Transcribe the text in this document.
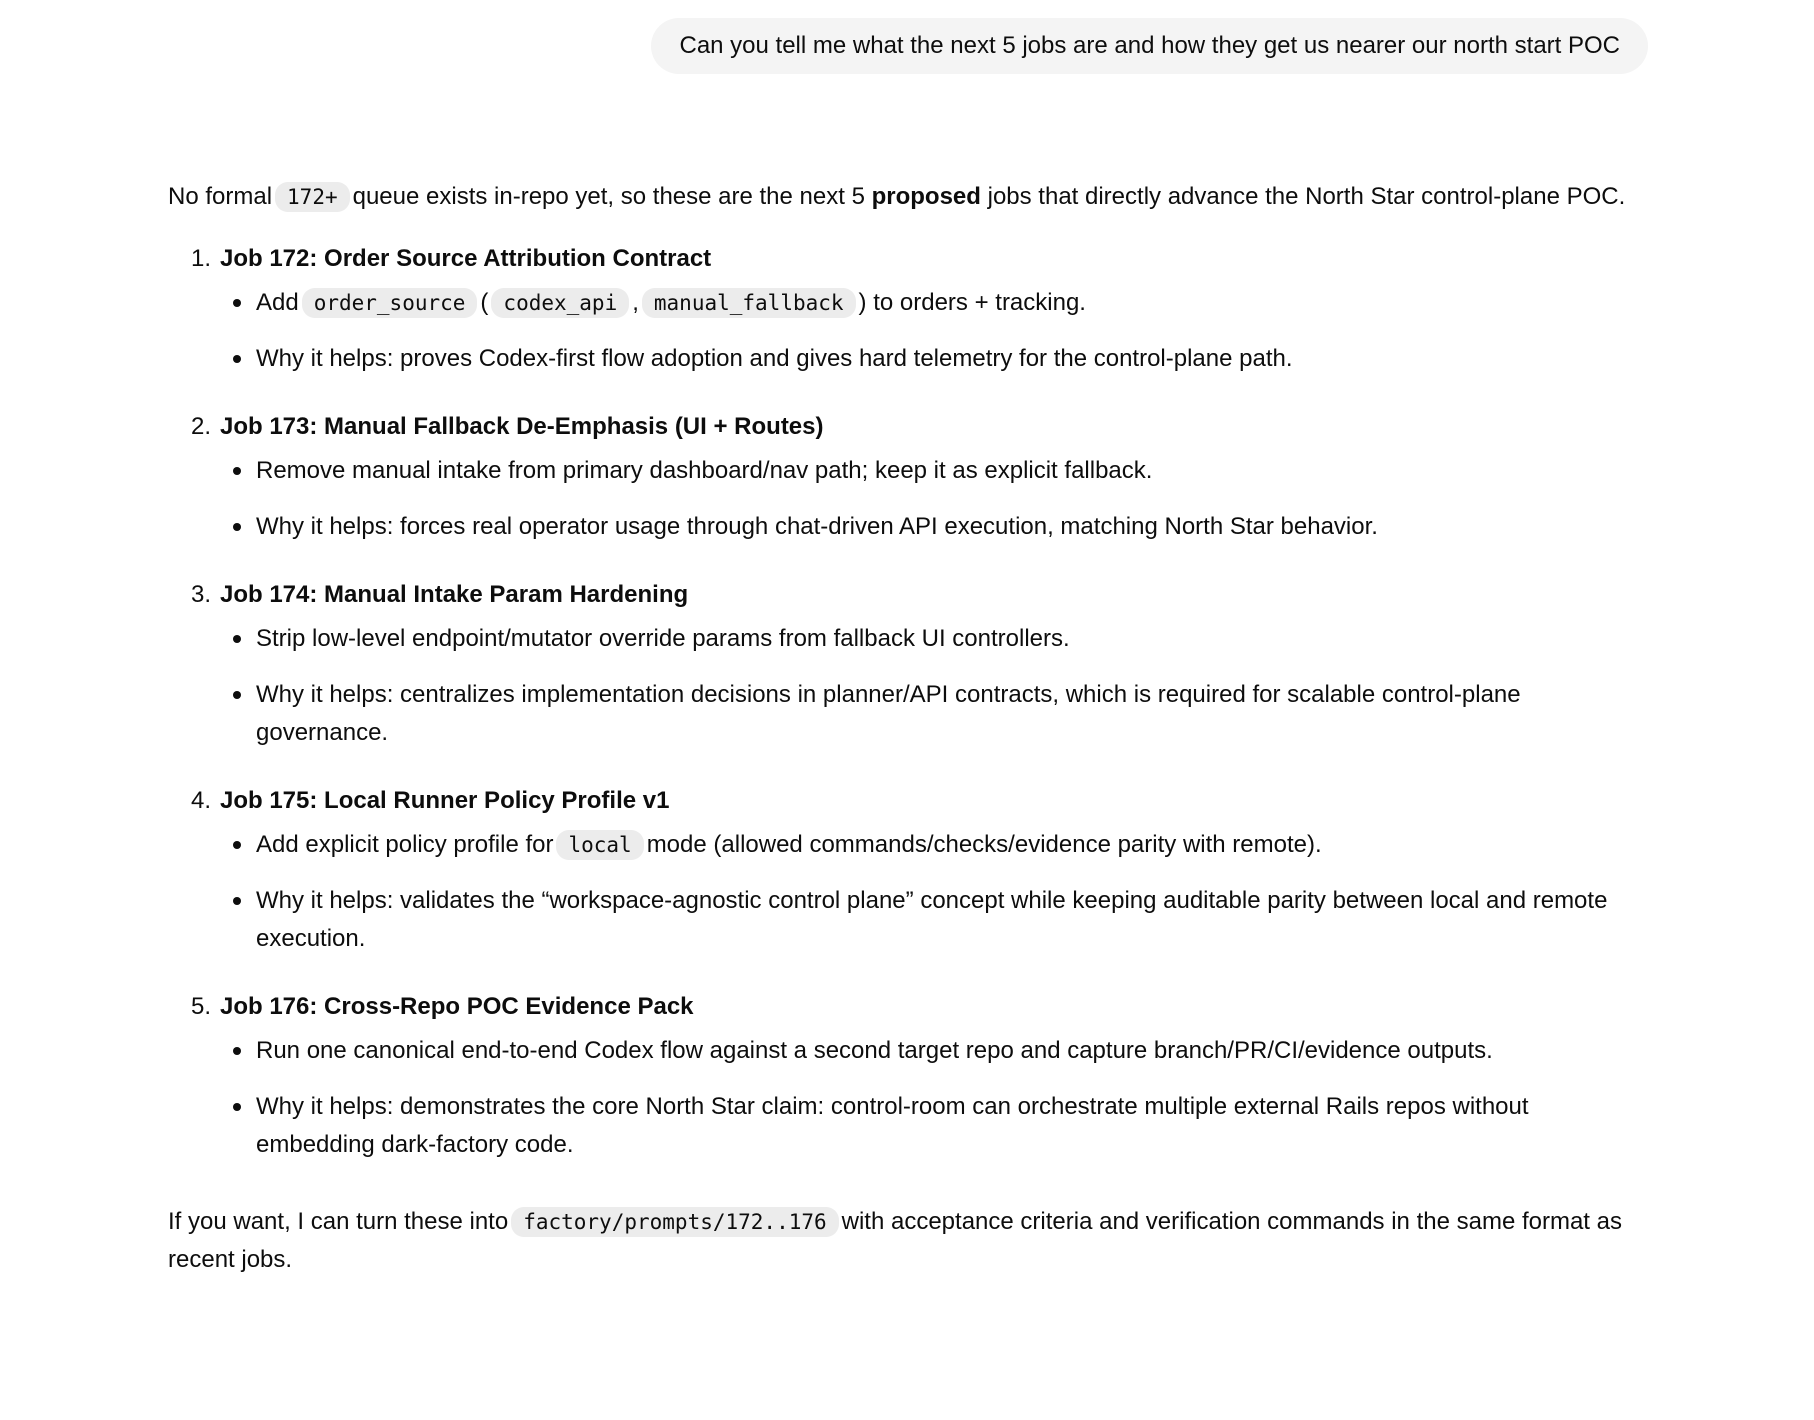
Can you tell me what the next 5 jobs are and how they get us nearer our north start POC

No formal 172+ queue exists in-repo yet, so these are the next 5 proposed jobs that directly advance the North Star control-plane POC.

Job 172: Order Source Attribution Contract
Add order_source ( codex_api , manual_fallback ) to orders + tracking.
Why it helps: proves Codex-first flow adoption and gives hard telemetry for the control-plane path.
Job 173: Manual Fallback De-Emphasis (UI + Routes)
Remove manual intake from primary dashboard/nav path; keep it as explicit fallback.
Why it helps: forces real operator usage through chat-driven API execution, matching North Star behavior.
Job 174: Manual Intake Param Hardening
Strip low-level endpoint/mutator override params from fallback UI controllers.
Why it helps: centralizes implementation decisions in planner/API contracts, which is required for scalable control-plane governance.
Job 175: Local Runner Policy Profile v1
Add explicit policy profile for local mode (allowed commands/checks/evidence parity with remote).
Why it helps: validates the “workspace-agnostic control plane” concept while keeping auditable parity between local and remote execution.
Job 176: Cross-Repo POC Evidence Pack
Run one canonical end-to-end Codex flow against a second target repo and capture branch/PR/CI/evidence outputs.
Why it helps: demonstrates the core North Star claim: control-room can orchestrate multiple external Rails repos without embedding dark-factory code.

If you want, I can turn these into factory/prompts/172..176 with acceptance criteria and verification commands in the same format as recent jobs.
